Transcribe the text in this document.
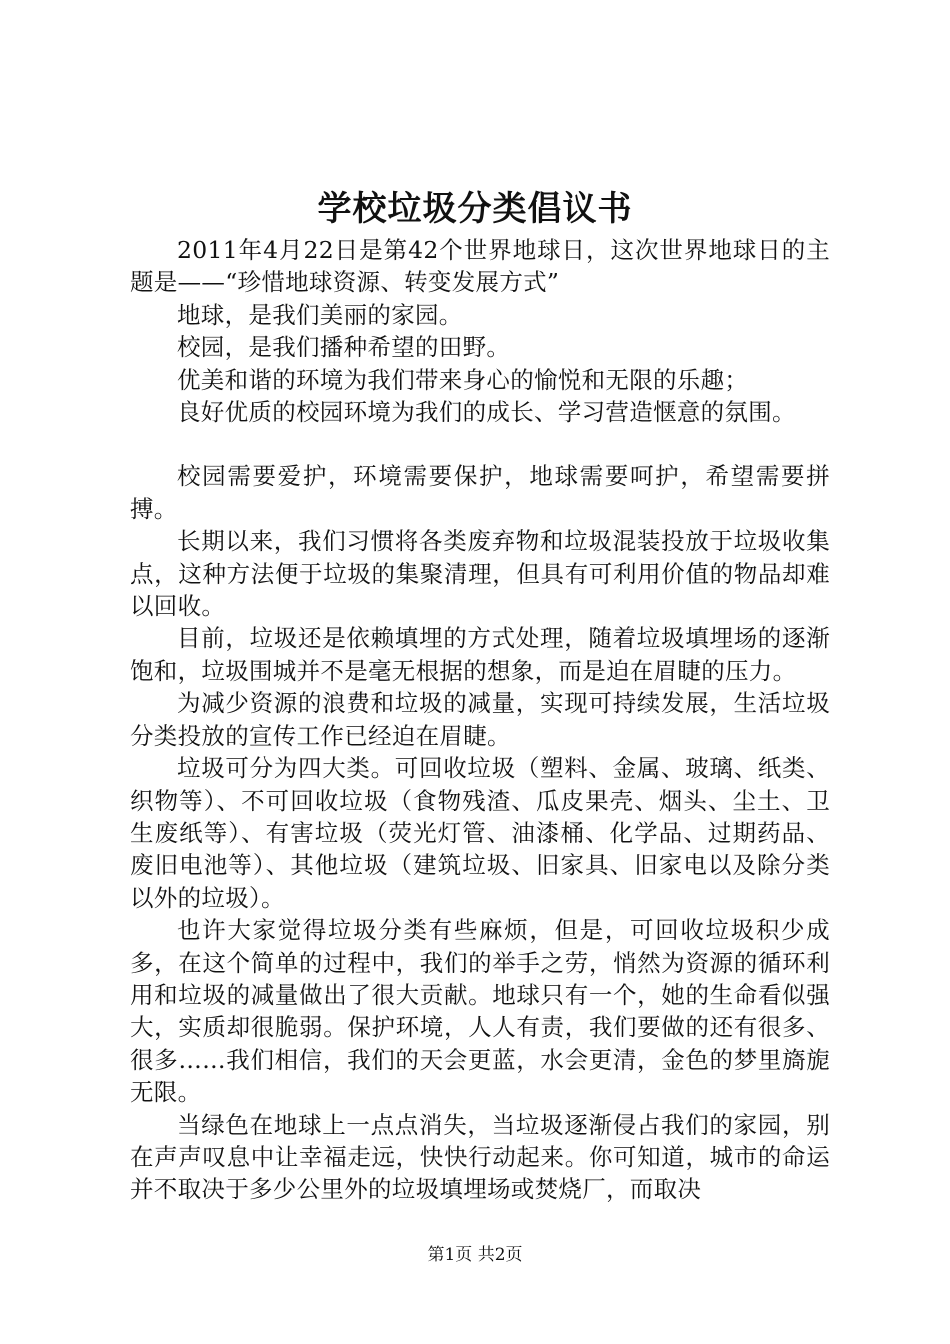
学校垃圾分类倡议书

2011年4月22日是第42个世界地球日，这次世界地球日的主题是——“珍惜地球资源、转变发展方式”

地球，是我们美丽的家园。

校园，是我们播种希望的田野。

优美和谐的环境为我们带来身心的愉悦和无限的乐趣；

良好优质的校园环境为我们的成长、学习营造惬意的氛围。

校园需要爱护，环境需要保护，地球需要呵护，希望需要拼搏。

长期以来，我们习惯将各类废弃物和垃圾混装投放于垃圾收集点，这种方法便于垃圾的集聚清理，但具有可利用价值的物品却难以回收。

目前，垃圾还是依赖填埋的方式处理，随着垃圾填埋场的逐渐饱和，垃圾围城并不是毫无根据的想象，而是迫在眉睫的压力。

为减少资源的浪费和垃圾的减量，实现可持续发展，生活垃圾分类投放的宣传工作已经迫在眉睫。

垃圾可分为四大类。可回收垃圾（塑料、金属、玻璃、纸类、织物等）、不可回收垃圾（食物残渣、瓜皮果壳、烟头、尘土、卫生废纸等）、有害垃圾（荧光灯管、油漆桶、化学品、过期药品、废旧电池等）、其他垃圾（建筑垃圾、旧家具、旧家电以及除分类以外的垃圾）。

也许大家觉得垃圾分类有些麻烦，但是，可回收垃圾积少成多，在这个简单的过程中，我们的举手之劳，悄然为资源的循环利用和垃圾的减量做出了很大贡献。地球只有一个，她的生命看似强大，实质却很脆弱。保护环境，人人有责，我们要做的还有很多、很多……我们相信，我们的天会更蓝，水会更清，金色的梦里旖旎无限。

当绿色在地球上一点点消失，当垃圾逐渐侵占我们的家园，别在声声叹息中让幸福走远，快快行动起来。你可知道，城市的命运并不取决于多少公里外的垃圾填埋场或焚烧厂，而取决

第1页 共2页
